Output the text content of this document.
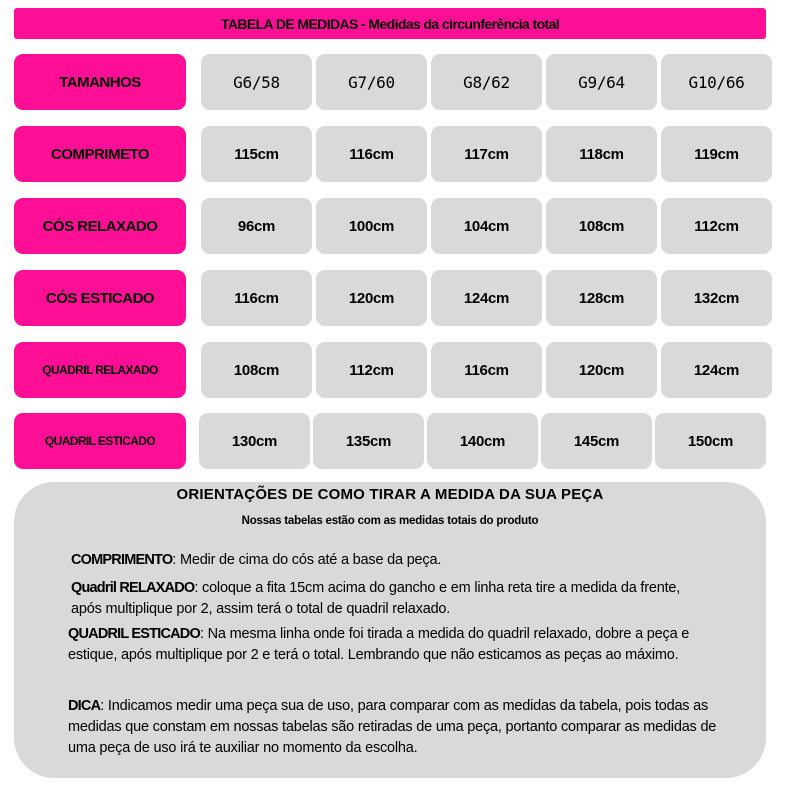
TABELA DE MEDIDAS - Medidas da circunferência total
TAMANHOS	G6/58	G7/60	G8/62	G9/64	G10/66
COMPRIMETO	115cm	116cm	117cm	118cm	119cm
CÓS RELAXADO	96cm	100cm	104cm	108cm	112cm
CÓS ESTICADO	116cm	120cm	124cm	128cm	132cm
QUADRIL RELAXADO	108cm	112cm	116cm	120cm	124cm
QUADRIL ESTICADO	130cm	135cm	140cm	145cm	150cm
ORIENTAÇÕES DE COMO TIRAR A MEDIDA DA SUA PEÇA
Nossas tabelas estão com as medidas totais do produto
COMPRIMENTO: Medir de cima do cós até a base da peça.
Quadril RELAXADO: coloque a fita 15cm acima do gancho e em linha reta tire a medida da frente, após multiplique por 2, assim terá o total de quadril relaxado.
QUADRIL ESTICADO: Na mesma linha onde foi tirada a medida do quadril relaxado, dobre a peça e estique, após multiplique por 2 e terá o total. Lembrando que não esticamos as peças ao máximo.
DICA: Indicamos medir uma peça sua de uso, para comparar com as medidas da tabela, pois todas as medidas que constam em nossas tabelas são retiradas de uma peça, portanto comparar as medidas de uma peça de uso irá te auxiliar no momento da escolha.
